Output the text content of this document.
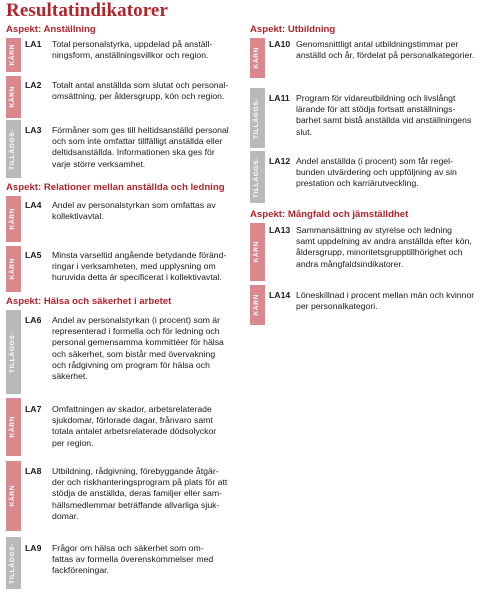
Resultatindikatorer
Aspekt: Anställning
KÄRN
LA1 Total personalstyrka, uppdelad på anställ-
ningsform, anställningsvillkor och region.
KÄRN
LA2 Totalt antal anställda som slutat och personal-
omsättning, per åldersgrupp, kön och region.
TILLÄGGS- LA3 Förmåner som ges till heltidsanställd personal
och som inte omfattar tillfälligt anställda eller
deltidsanställda. Informationen ska ges för
varje större verksamhet.
Aspekt: Relationer mellan anställda och ledning
KÄRN
LA4 Andel av personalstyrkan som omfattas av
kollektivavtal.
KÄRN
LA5 Minsta varseltid angående betydande föränd-
ringar i verksamheten, med upplysning om
huruvida detta är specificerat i kollektivavtal.
Aspekt: Hälsa och säkerhet i arbetet
TILLÄGGS-
LA6 Andel av personalstyrkan (i procent) som är
representerad i formella och för ledning och
personal gemensamma kommittéer för hälsa
och säkerhet, som bistår med övervakning
och rådgivning om program för hälsa och
säkerhet.
KÄRN
LA7 Omfattningen av skador, arbetsrelaterade
sjukdomar, förlorade dagar, frånvaro samt
totala antalet arbetsrelaterade dödsolyckor
per region.
KÄRN
LA8 Utbildning, rådgivning, förebyggande åtgär-
der och riskhanteringsprogram på plats för att
stödja de anställda, deras familjer eller sam-
hällsmedlemmar beträffande allvarliga sjuk-
domar.
TILLÄGGS- LA9 Frågor om hälsa och säkerhet som om-
fattas av formella överenskommelser med
fackföreningar.
Aspekt: Utbildning
KÄRN
LA10 Genomsnittligt antal utbildningstimmar per
anställd och år, fördelat på personalkategorier.
TILLÄGGS- LA11 Program för vidareutbildning och livslångt
lärande för att stödja fortsatt anställnings-
barhet samt bistå anställda vid anställningens
slut.
TILLÄGGS- LA12 Andel anställda (i procent) som får regel-
bunden utvärdering och uppföljning av sin
prestation och karriärutveckling.
Aspekt: Mångfald och jämställdhet
KÄRN
LA13 Sammansättning av styrelse och ledning
samt uppdelning av andra anställda efter kön,
åldersgrupp, minoritetsgrupptillhörighet och
andra mångfaldsindikatorer.
KÄRN LA14 Löneskillnad i procent mellan män och kvinnor
per personalkategori.
